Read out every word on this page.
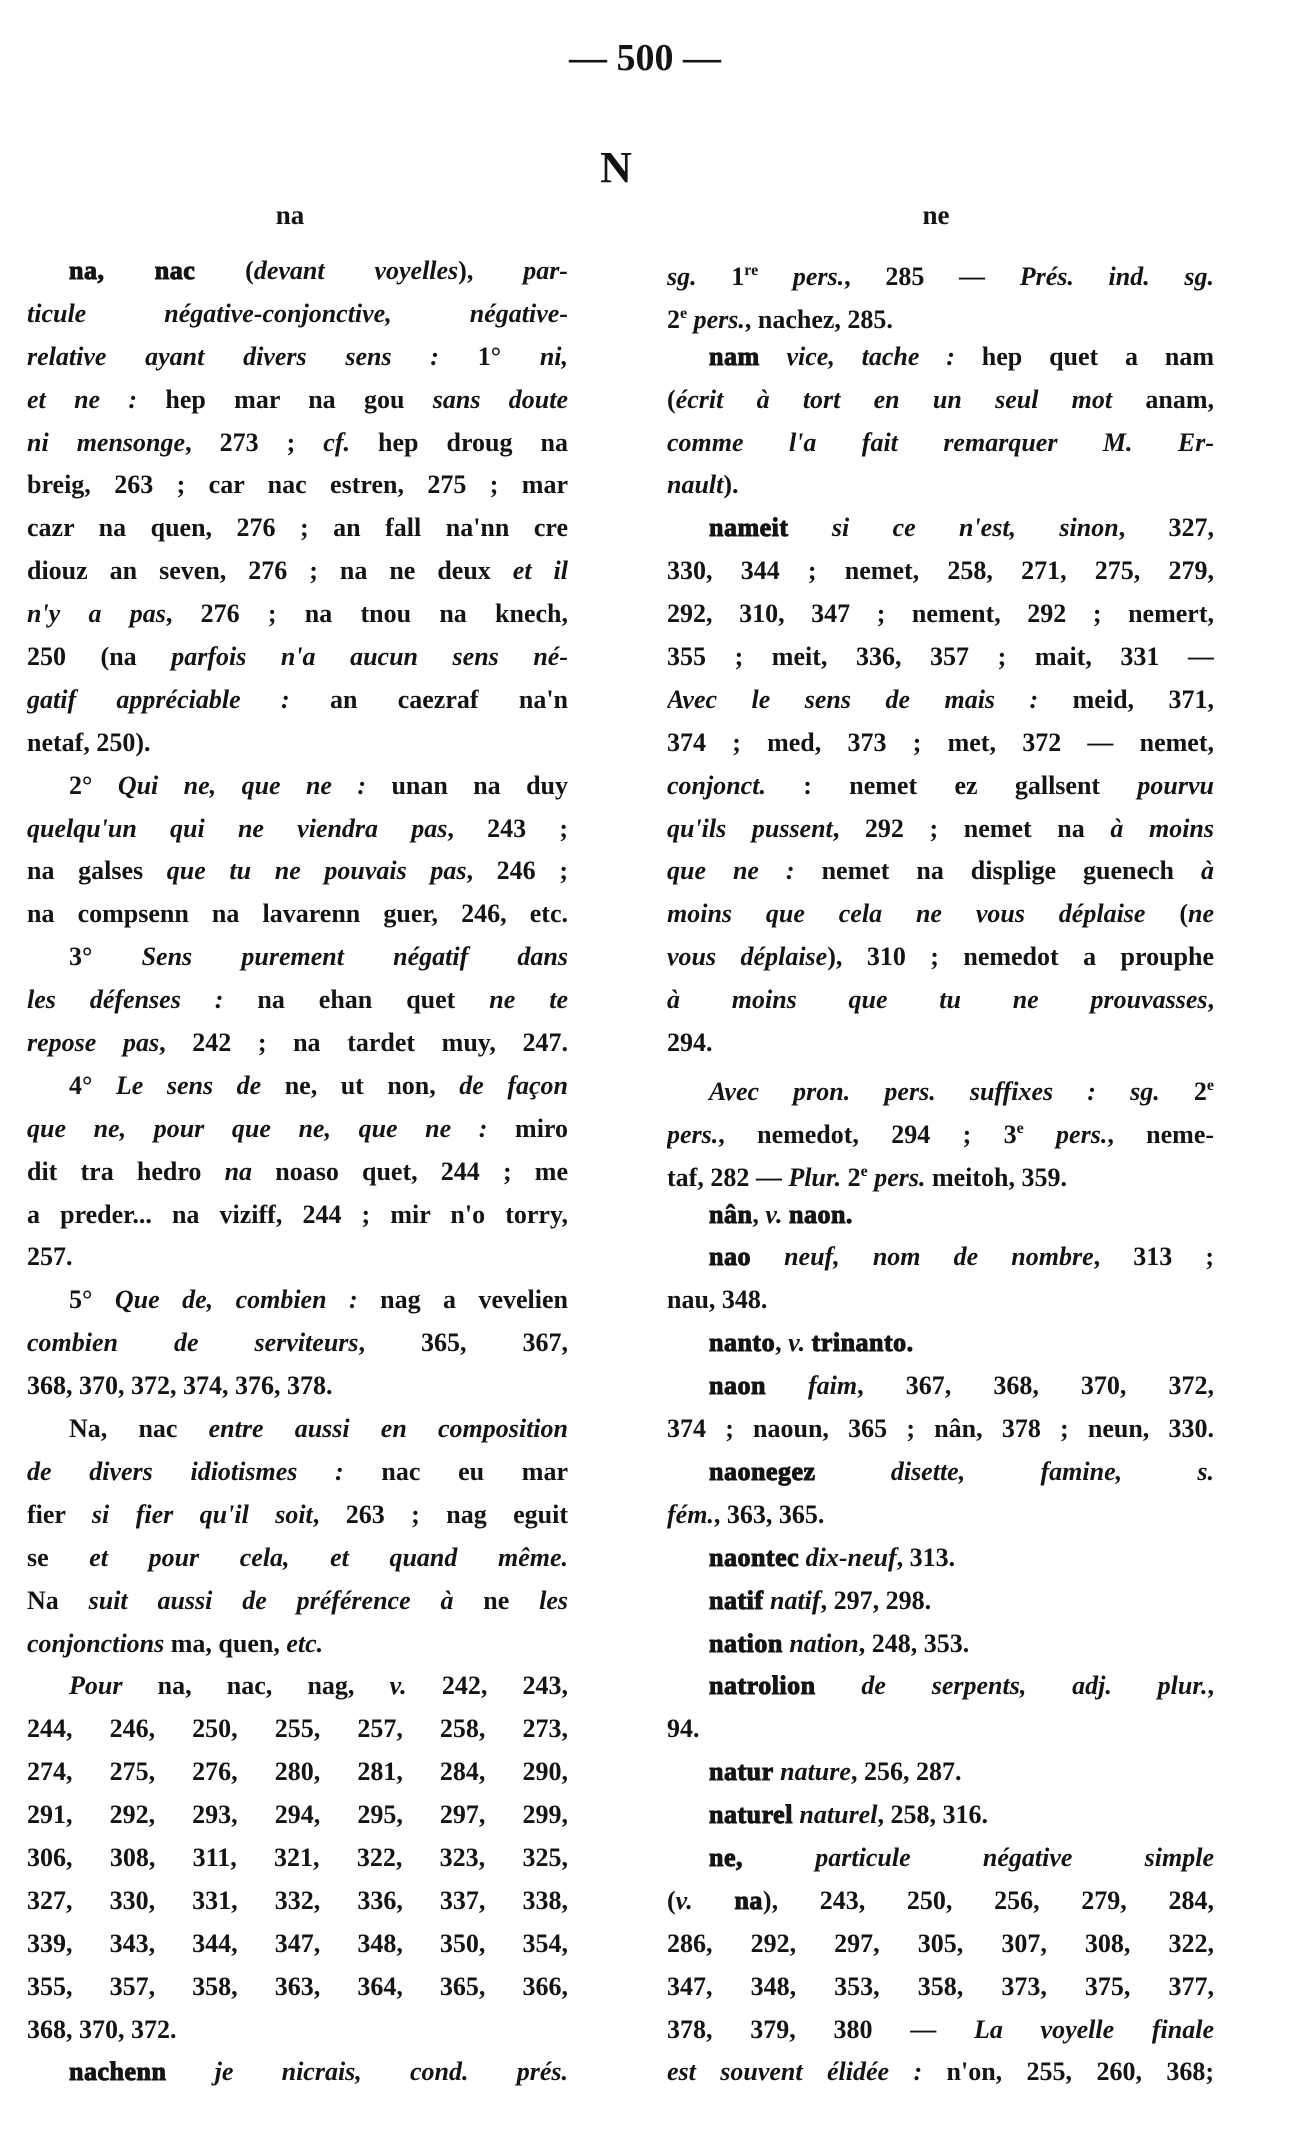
— 500 —
N
na	ne
na, nac (devant voyelles), par-
ticule négative-conjonctive, négative-
relative ayant divers sens : 1° ni,
et ne : hep mar na gou sans doute
ni mensonge, 273 ; cf. hep droug na
breig, 263 ; car nac estren, 275 ; mar
cazr na quen, 276 ; an fall na'nn cre
diouz an seven, 276 ; na ne deux et il
n'y a pas, 276 ; na tnou na knech,
250 (na parfois n'a aucun sens né-
gatif appréciable : an caezraf na'n
netaf, 250).
2° Qui ne, que ne : unan na duy
quelqu'un qui ne viendra pas, 243 ;
na galses que tu ne pouvais pas, 246 ;
na compsenn na lavarenn guer, 246, etc.
3° Sens purement négatif dans
les défenses : na ehan quet ne te
repose pas, 242 ; na tardet muy, 247.
4° Le sens de ne, ut non, de façon
que ne, pour que ne, que ne : miro
dit tra hedro na noaso quet, 244 ; me
a preder... na viziff, 244 ; mir n'o torry,
257.
5° Que de, combien : nag a vevelien
combien de serviteurs, 365, 367,
368, 370, 372, 374, 376, 378.
Na, nac entre aussi en composition
de divers idiotismes : nac eu mar
fier si fier qu'il soit, 263 ; nag eguit
se et pour cela, et quand même.
Na suit aussi de préférence à ne les
conjonctions ma, quen, etc.
Pour na, nac, nag, v. 242, 243,
244, 246, 250, 255, 257, 258, 273,
274, 275, 276, 280, 281, 284, 290,
291, 292, 293, 294, 295, 297, 299,
306, 308, 311, 321, 322, 323, 325,
327, 330, 331, 332, 336, 337, 338,
339, 343, 344, 347, 348, 350, 354,
355, 357, 358, 363, 364, 365, 366,
368, 370, 372.
nachenn je nicrais, cond. prés.
sg. 1re pers., 285 — Prés. ind. sg.
2e pers., nachez, 285.
nam vice, tache : hep quet a nam
(écrit à tort en un seul mot anam,
comme l'a fait remarquer M. Er-
nault).
nameit si ce n'est, sinon, 327,
330, 344 ; nemet, 258, 271, 275, 279,
292, 310, 347 ; nement, 292 ; nemert,
355 ; meit, 336, 357 ; mait, 331 —
Avec le sens de mais : meid, 371,
374 ; med, 373 ; met, 372 — nemet,
conjonct. : nemet ez gallsent pourvu
qu'ils pussent, 292 ; nemet na à moins
que ne : nemet na displige guenech à
moins que cela ne vous déplaise (ne
vous déplaise), 310 ; nemedot a prouphe
à moins que tu ne prouvasses,
294.
Avec pron. pers. suffixes : sg. 2e
pers., nemedot, 294 ; 3e pers., neme-
taf, 282 — Plur. 2e pers. meitoh, 359.
nân, v. naon.
nao neuf, nom de nombre, 313 ;
nau, 348.
nanto, v. trinanto.
naon faim, 367, 368, 370, 372,
374 ; naoun, 365 ; nân, 378 ; neun, 330.
naonegez	disette, famine, s.
fém., 363, 365.
naontec dix-neuf, 313.
natif natif, 297, 298.
nation nation, 248, 353.
natrolion de serpents, adj. plur.,
94.
natur nature, 256, 287.
naturel naturel, 258, 316.
ne,	particule négative simple
(v. na), 243, 250, 256, 279, 284,
286, 292, 297, 305, 307, 308, 322,
347, 348, 353, 358, 373, 375, 377,
378, 379, 380 — La voyelle finale
est souvent élidée : n'on, 255, 260, 368;
